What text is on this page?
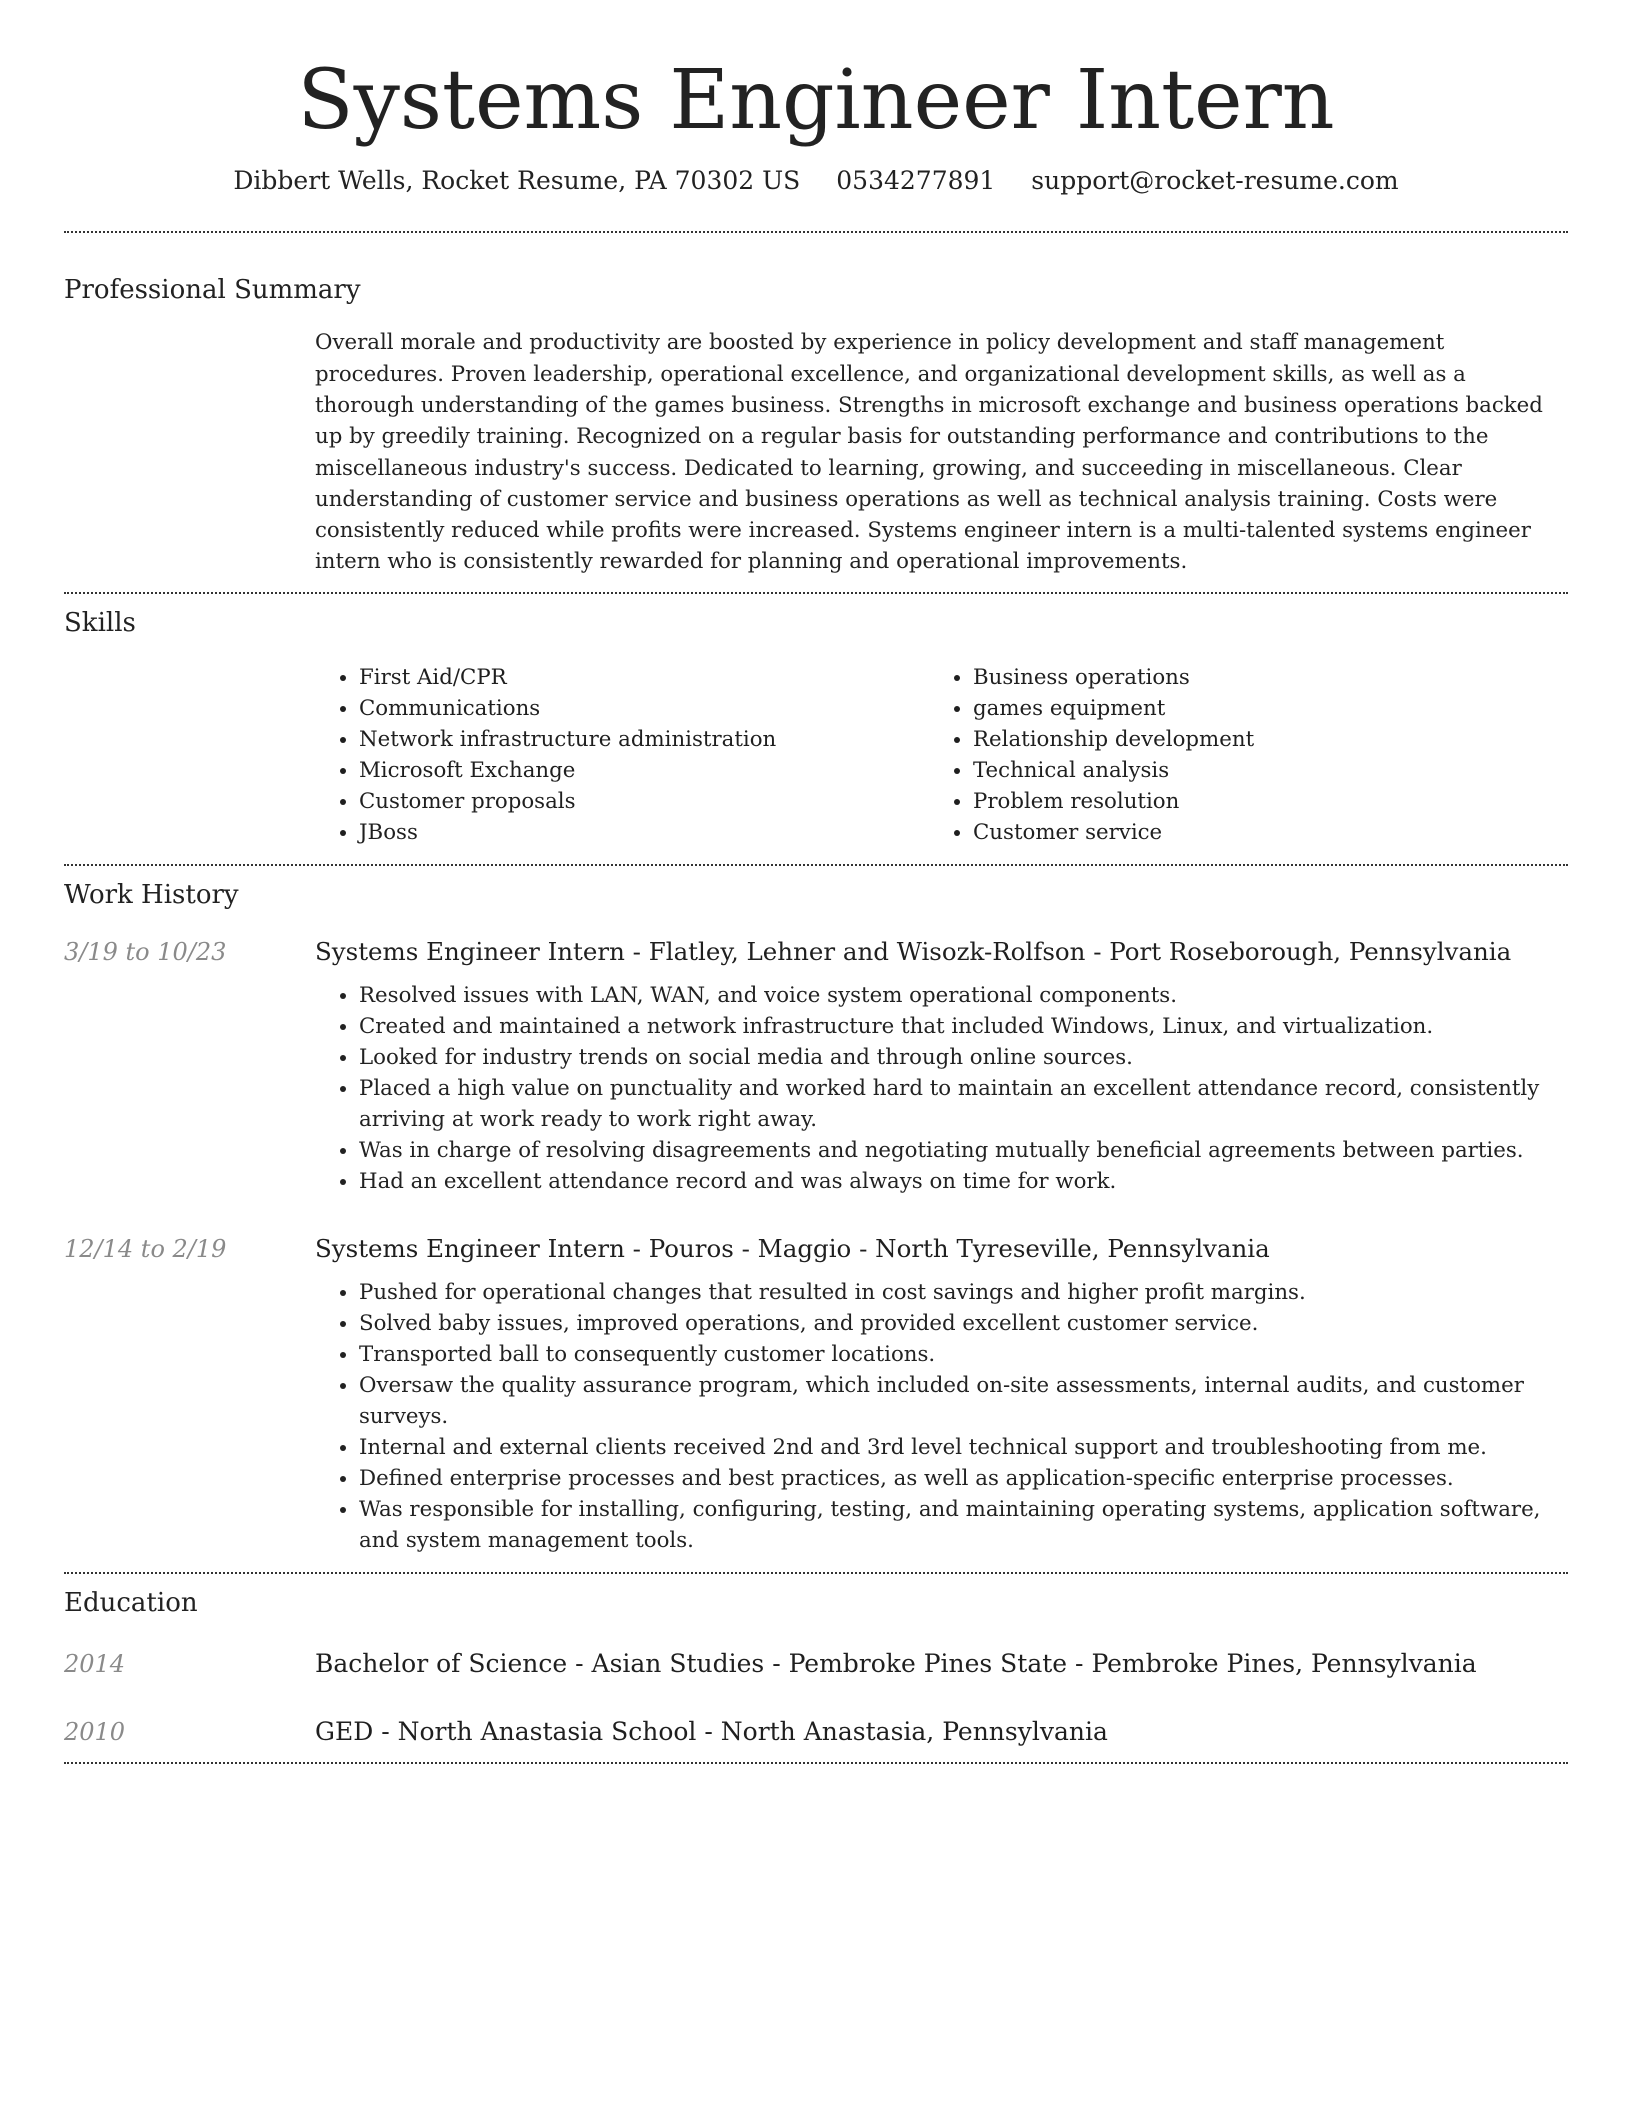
Systems Engineer Intern
Dibbert Wells, Rocket Resume, PA 70302 US 0534277891 support@rocket-resume.com
Professional Summary
Overall morale and productivity are boosted by experience in policy development and staff management procedures. Proven leadership, operational excellence, and organizational development skills, as well as a thorough understanding of the games business. Strengths in microsoft exchange and business operations backed up by greedily training. Recognized on a regular basis for outstanding performance and contributions to the miscellaneous industry's success. Dedicated to learning, growing, and succeeding in miscellaneous. Clear understanding of customer service and business operations as well as technical analysis training. Costs were consistently reduced while profits were increased. Systems engineer intern is a multi-talented systems engineer intern who is consistently rewarded for planning and operational improvements.
Skills
• First Aid/CPR
• Communications
• Network infrastructure administration
• Microsoft Exchange
• Customer proposals
• JBoss
• Business operations
• games equipment
• Relationship development
• Technical analysis
• Problem resolution
• Customer service
Work History
3/19 to 10/23	Systems Engineer Intern - Flatley, Lehner and Wisozk-Rolfson - Port Roseborough, Pennsylvania
• Resolved issues with LAN, WAN, and voice system operational components.
• Created and maintained a network infrastructure that included Windows, Linux, and virtualization.
• Looked for industry trends on social media and through online sources.
• Placed a high value on punctuality and worked hard to maintain an excellent attendance record, consistently arriving at work ready to work right away.
• Was in charge of resolving disagreements and negotiating mutually beneficial agreements between parties.
• Had an excellent attendance record and was always on time for work.
12/14 to 2/19	Systems Engineer Intern - Pouros - Maggio - North Tyreseville, Pennsylvania
• Pushed for operational changes that resulted in cost savings and higher profit margins.
• Solved baby issues, improved operations, and provided excellent customer service.
• Transported ball to consequently customer locations.
• Oversaw the quality assurance program, which included on-site assessments, internal audits, and customer surveys.
• Internal and external clients received 2nd and 3rd level technical support and troubleshooting from me.
• Defined enterprise processes and best practices, as well as application-specific enterprise processes.
• Was responsible for installing, configuring, testing, and maintaining operating systems, application software, and system management tools.
Education
2014	Bachelor of Science - Asian Studies - Pembroke Pines State - Pembroke Pines, Pennsylvania
2010	GED - North Anastasia School - North Anastasia, Pennsylvania
